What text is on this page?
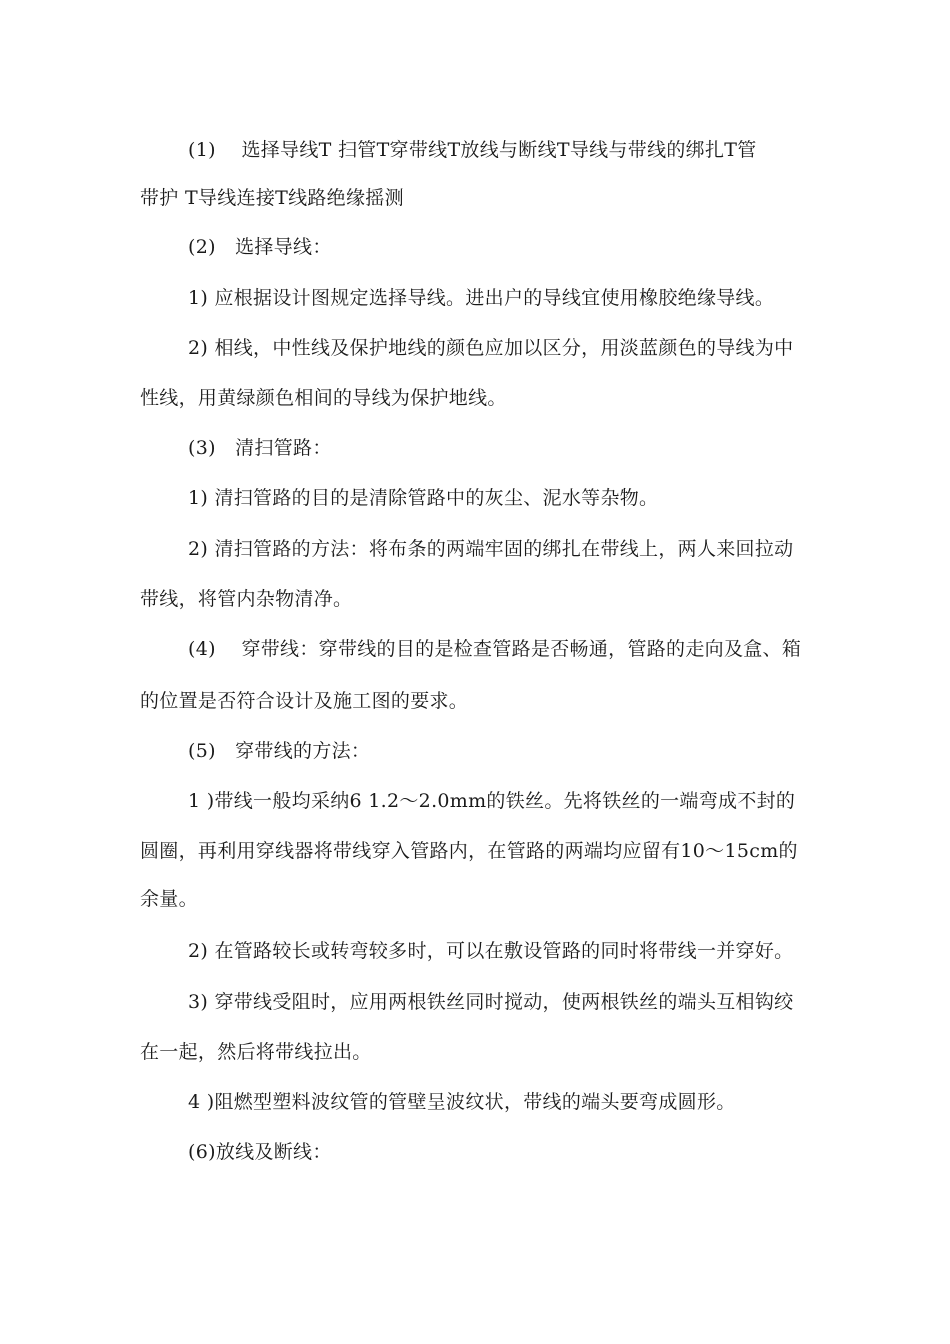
(1)　 选择导线T 扫管T穿带线T放线与断线T导线与带线的绑扎T管
带护 T导线连接T线路绝缘摇测
(2)　选择导线：
1) 应根据设计图规定选择导线。进出户的导线宜使用橡胶绝缘导线。
2) 相线，中性线及保护地线的颜色应加以区分，用淡蓝颜色的导线为中
性线，用黄绿颜色相间的导线为保护地线。
(3)　清扫管路：
1) 清扫管路的目的是清除管路中的灰尘、泥水等杂物。
2) 清扫管路的方法：将布条的两端牢固的绑扎在带线上，两人来回拉动
带线，将管内杂物清净。
(4)　 穿带线：穿带线的目的是检查管路是否畅通，管路的走向及盒、箱
的位置是否符合设计及施工图的要求。
(5)　穿带线的方法：
1 )带线一般均采纳6 1.2〜2.0mm的铁丝。先将铁丝的一端弯成不封的
圆圈，再利用穿线器将带线穿入管路内，在管路的两端均应留有10〜15cm的
余量。
2) 在管路较长或转弯较多时，可以在敷设管路的同时将带线一并穿好。
3) 穿带线受阻时，应用两根铁丝同时搅动，使两根铁丝的端头互相钩绞
在一起，然后将带线拉出。
4 )阻燃型塑料波纹管的管壁呈波纹状，带线的端头要弯成圆形。
(6)放线及断线：
